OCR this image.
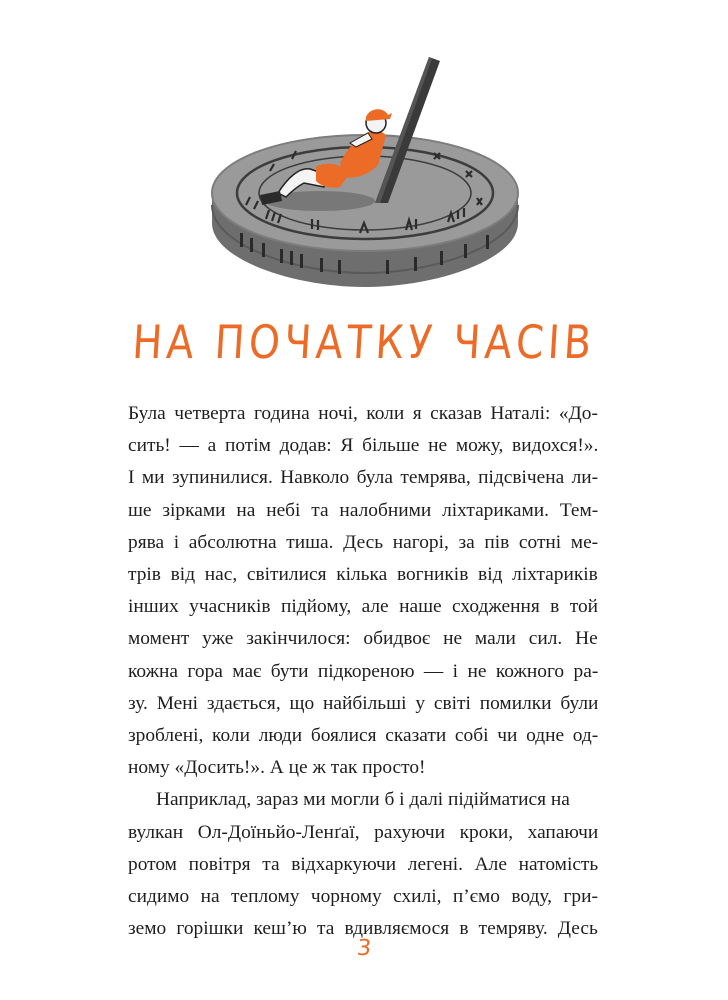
НА ПОЧАТКУ ЧАСІВ

Була четверта година ночі, коли я сказав Наталі: «До-
сить! — а потім додав: Я більше не можу, видохся!».
І ми зупинилися. Навколо була темрява, підсвічена ли-
ше зірками на небі та налобними ліхтариками. Тем-
рява і абсолютна тиша. Десь нагорі, за пів сотні ме-
трів від нас, світилися кілька вогників від ліхтариків
інших учасників підйому, але наше сходження в той
момент уже закінчилося: обидвоє не мали сил. Не
кожна гора має бути підкореною — і не кожного ра-
зу. Мені здається, що найбільші у світі помилки були
зроблені, коли люди боялися сказати собі чи одне од-
ному «Досить!». А це ж так просто!

Наприклад, зараз ми могли б і далі підійматися на
вулкан Ол-Доїньйо-Ленґаї, рахуючи кроки, хапаючи
ротом повітря та відхаркуючи легені. Але натомість
сидимо на теплому чорному схилі, п’ємо воду, гри-
земо горішки кеш’ю та вдивляємося в темряву. Десь

3
